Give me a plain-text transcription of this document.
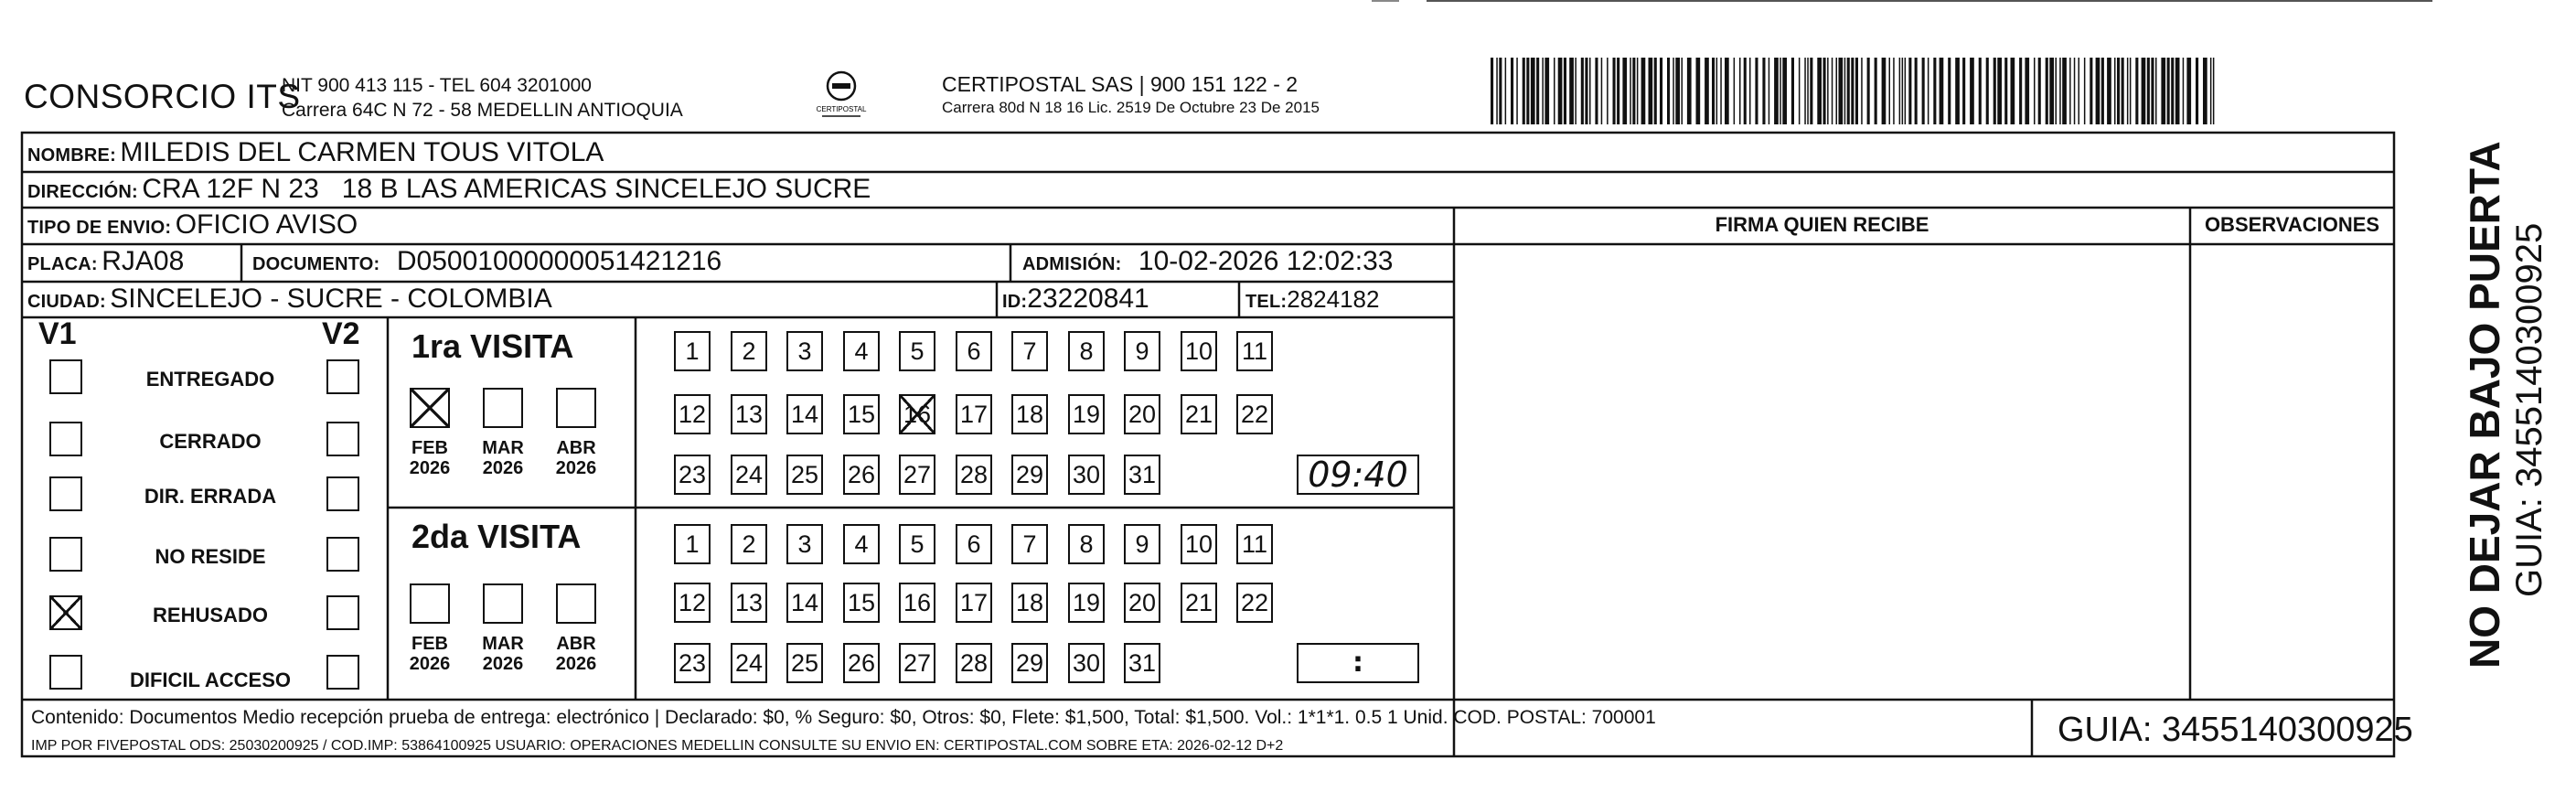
CONSORCIO ITS
NIT 900 413 115 - TEL 604 3201000
Carrera 64C N 72 - 58 MEDELLIN ANTIOQUIA	CERTIPOSTAL
CERTIPOSTAL SAS | 900 151 122 - 2
Carrera 80d N 18 16 Lic. 2519 De Octubre 23 De 2015
NOMBRE: MILEDIS DEL CARMEN TOUS VITOLA
DIRECCIÓN: CRA 12F N 23   18 B LAS AMERICAS SINCELEJO SUCRE
TIPO DE ENVIO: OFICIO AVISO	FIRMA QUIEN RECIBE	OBSERVACIONES
PLACA: RJA08	DOCUMENTO: D05001000000051421216	ADMISIÓN: 10-02-2026 12:02:33
CIUDAD: SINCELEJO - SUCRE - COLOMBIA	ID:23220841	TEL:2824182
V1	V2
ENTREGADO
CERRADO
DIR. ERRADA
NO RESIDE
REHUSADO
DIFICIL ACCESO
1ra VISITA
FEB
2026
MAR
2026
ABR
2026
1	2	3	4	5	6	7	8	9	10 11
12 13 14 15 16 17 18 19 20 21 22
23 24 25 26 27 28 29 30 31	09:40
2da VISITA
FEB
2026
MAR
2026
ABR
2026
1	2	3	4	5	6	7	8	9	10 11
12 13 14 15 16 17 18 19 20 21 22
23 24 25 26 27 28 29 30 31	:	NO DEJAR BAJO PUERTA GUIA: 3455140300925
Contenido: Documentos Medio recepción prueba de entrega: electrónico | Declarado: $0, % Seguro: $0, Otros: $0, Flete: $1,500, Total: $1,500. Vol.: 1*1*1. 0.5 1 Unid. COD. POSTAL: 700001
IMP POR FIVEPOSTAL ODS: 25030200925 / COD.IMP: 53864100925 USUARIO: OPERACIONES MEDELLIN CONSULTE SU ENVIO EN: CERTIPOSTAL.COM SOBRE ETA: 2026-02-12 D+2	GUIA: 3455140300925
